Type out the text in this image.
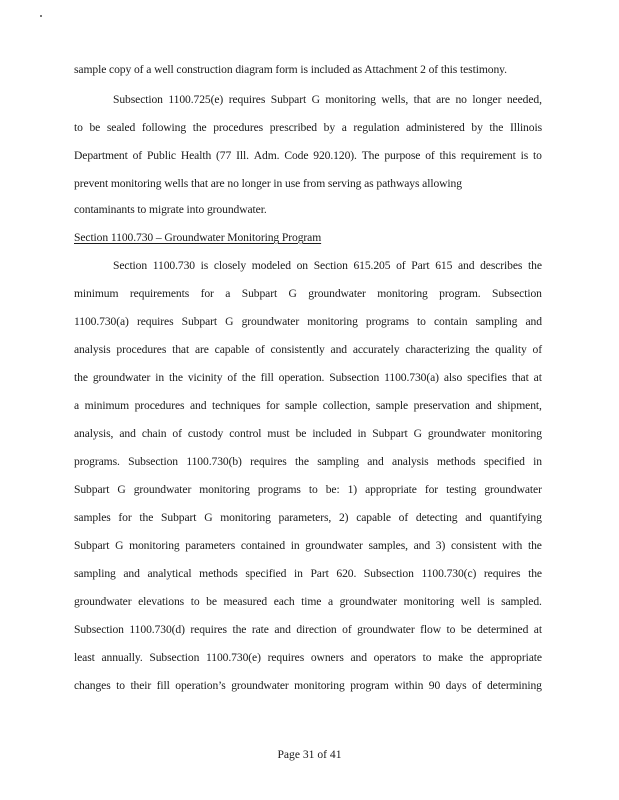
sample copy of a well construction diagram form is included as Attachment 2 of this testimony.
Subsection 1100.725(e) requires Subpart G monitoring wells, that are no longer needed,
to be sealed following the procedures prescribed by a regulation administered by the Illinois
Department of Public Health (77 Ill. Adm. Code 920.120). The purpose of this requirement is to
prevent monitoring wells that are no longer in use from serving as pathways allowing
contaminants to migrate into groundwater.
Section 1100.730 – Groundwater Monitoring Program
Section 1100.730 is closely modeled on Section 615.205 of Part 615 and describes the
minimum requirements for a Subpart G groundwater monitoring program. Subsection
1100.730(a) requires Subpart G groundwater monitoring programs to contain sampling and
analysis procedures that are capable of consistently and accurately characterizing the quality of
the groundwater in the vicinity of the fill operation. Subsection 1100.730(a) also specifies that at
a minimum procedures and techniques for sample collection, sample preservation and shipment,
analysis, and chain of custody control must be included in Subpart G groundwater monitoring
programs. Subsection 1100.730(b) requires the sampling and analysis methods specified in
Subpart G groundwater monitoring programs to be: 1) appropriate for testing groundwater
samples for the Subpart G monitoring parameters, 2) capable of detecting and quantifying
Subpart G monitoring parameters contained in groundwater samples, and 3) consistent with the
sampling and analytical methods specified in Part 620. Subsection 1100.730(c) requires the
groundwater elevations to be measured each time a groundwater monitoring well is sampled.
Subsection 1100.730(d) requires the rate and direction of groundwater flow to be determined at
least annually. Subsection 1100.730(e) requires owners and operators to make the appropriate
changes to their fill operation’s groundwater monitoring program within 90 days of determining
Page 31 of 41
